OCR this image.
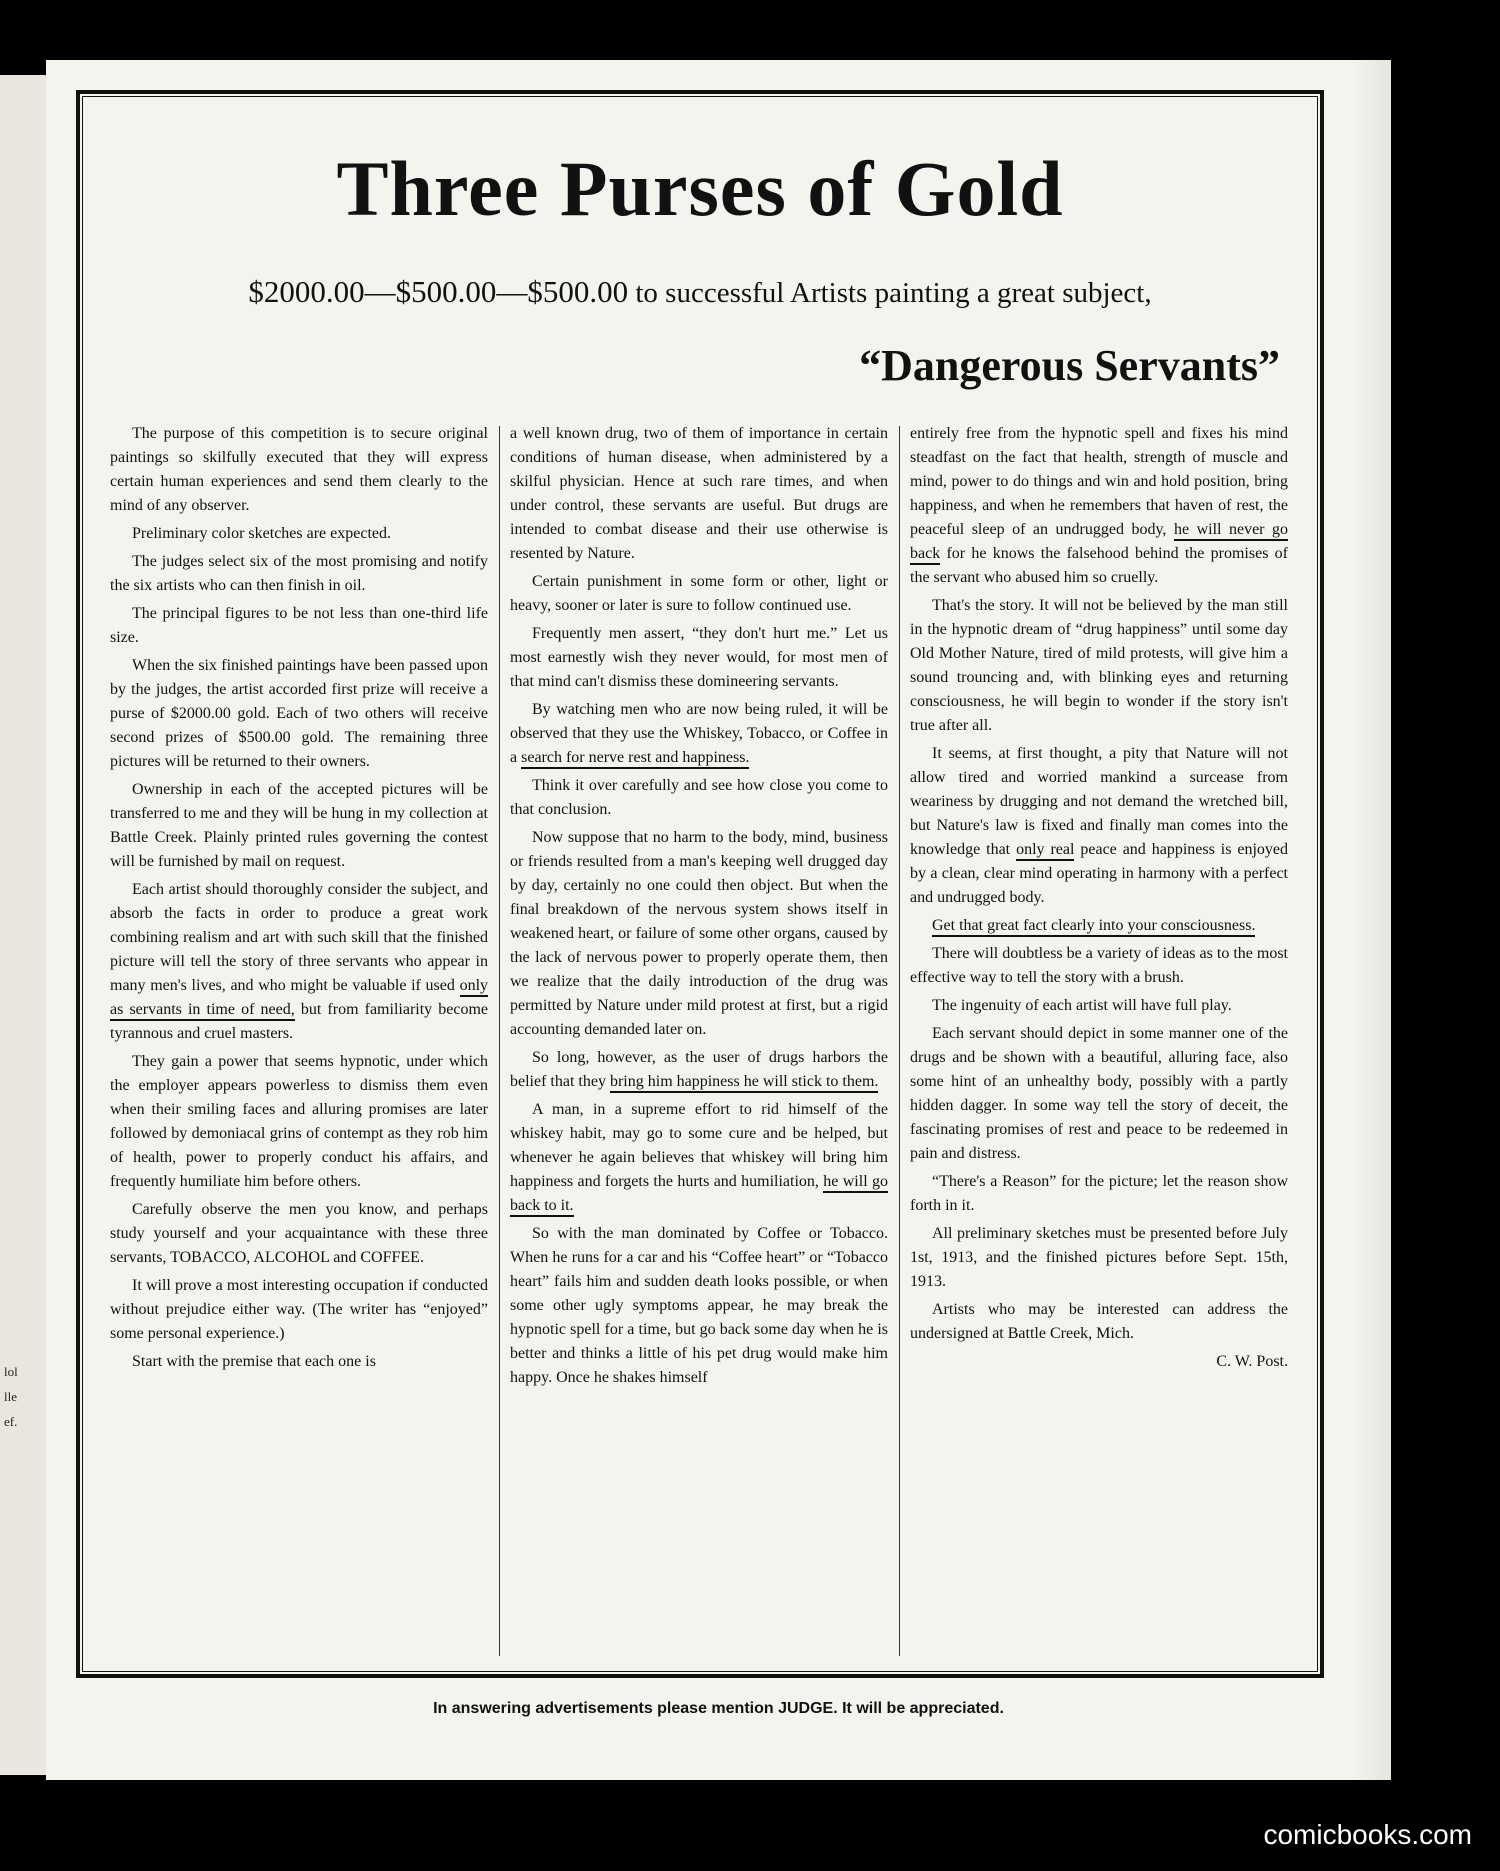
lol
lle
ef.
Three Purses of Gold
$2000.00—$500.00—$500.00 to successful Artists painting a great subject,
“Dangerous Servants”

The purpose of this competition is to secure original paintings so skilfully executed that they will express certain human experiences and send them clearly to the mind of any observer.

Preliminary color sketches are expected.

The judges select six of the most promising and notify the six artists who can then finish in oil.

The principal figures to be not less than one-third life size.

When the six finished paintings have been passed upon by the judges, the artist accorded first prize will receive a purse of $2000.00 gold. Each of two others will receive second prizes of $500.00 gold. The remaining three pictures will be returned to their owners.

Ownership in each of the accepted pictures will be transferred to me and they will be hung in my collection at Battle Creek. Plainly printed rules governing the contest will be furnished by mail on request.

Each artist should thoroughly consider the subject, and absorb the facts in order to produce a great work combining realism and art with such skill that the finished picture will tell the story of three servants who appear in many men's lives, and who might be valuable if used only as servants in time of need, but from familiarity become tyrannous and cruel masters.

They gain a power that seems hypnotic, under which the employer appears powerless to dismiss them even when their smiling faces and alluring promises are later followed by demoniacal grins of contempt as they rob him of health, power to properly conduct his affairs, and frequently humiliate him before others.

Carefully observe the men you know, and perhaps study yourself and your acquaintance with these three servants, TOBACCO, ALCOHOL and COFFEE.

It will prove a most interesting occupation if conducted without prejudice either way. (The writer has “enjoyed” some personal experience.)

Start with the premise that each one is

a well known drug, two of them of importance in certain conditions of human disease, when administered by a skilful physician. Hence at such rare times, and when under control, these servants are useful. But drugs are intended to combat disease and their use otherwise is resented by Nature.

Certain punishment in some form or other, light or heavy, sooner or later is sure to follow continued use.

Frequently men assert, “they don't hurt me.” Let us most earnestly wish they never would, for most men of that mind can't dismiss these domineering servants.

By watching men who are now being ruled, it will be observed that they use the Whiskey, Tobacco, or Coffee in a search for nerve rest and happiness.

Think it over carefully and see how close you come to that conclusion.

Now suppose that no harm to the body, mind, business or friends resulted from a man's keeping well drugged day by day, certainly no one could then object. But when the final breakdown of the nervous system shows itself in weakened heart, or failure of some other organs, caused by the lack of nervous power to properly operate them, then we realize that the daily introduction of the drug was permitted by Nature under mild protest at first, but a rigid accounting demanded later on.

So long, however, as the user of drugs harbors the belief that they bring him happiness he will stick to them.

A man, in a supreme effort to rid himself of the whiskey habit, may go to some cure and be helped, but whenever he again believes that whiskey will bring him happiness and forgets the hurts and humiliation, he will go back to it.

So with the man dominated by Coffee or Tobacco. When he runs for a car and his “Coffee heart” or “Tobacco heart” fails him and sudden death looks possible, or when some other ugly symptoms appear, he may break the hypnotic spell for a time, but go back some day when he is better and thinks a little of his pet drug would make him happy. Once he shakes himself

entirely free from the hypnotic spell and fixes his mind steadfast on the fact that health, strength of muscle and mind, power to do things and win and hold position, bring happiness, and when he remembers that haven of rest, the peaceful sleep of an undrugged body, he will never go back for he knows the falsehood behind the promises of the servant who abused him so cruelly.

That's the story. It will not be believed by the man still in the hypnotic dream of “drug happiness” until some day Old Mother Nature, tired of mild protests, will give him a sound trouncing and, with blinking eyes and returning consciousness, he will begin to wonder if the story isn't true after all.

It seems, at first thought, a pity that Nature will not allow tired and worried mankind a surcease from weariness by drugging and not demand the wretched bill, but Nature's law is fixed and finally man comes into the knowledge that only real peace and happiness is enjoyed by a clean, clear mind operating in harmony with a perfect and undrugged body.

Get that great fact clearly into your consciousness.

There will doubtless be a variety of ideas as to the most effective way to tell the story with a brush.

The ingenuity of each artist will have full play.

Each servant should depict in some manner one of the drugs and be shown with a beautiful, alluring face, also some hint of an unhealthy body, possibly with a partly hidden dagger. In some way tell the story of deceit, the fascinating promises of rest and peace to be redeemed in pain and distress.

“There's a Reason” for the picture; let the reason show forth in it.

All preliminary sketches must be presented before July 1st, 1913, and the finished pictures before Sept. 15th, 1913.

Artists who may be interested can address the undersigned at Battle Creek, Mich.

C. W. Post.

In answering advertisements please mention JUDGE. It will be appreciated.
comicbooks.com
